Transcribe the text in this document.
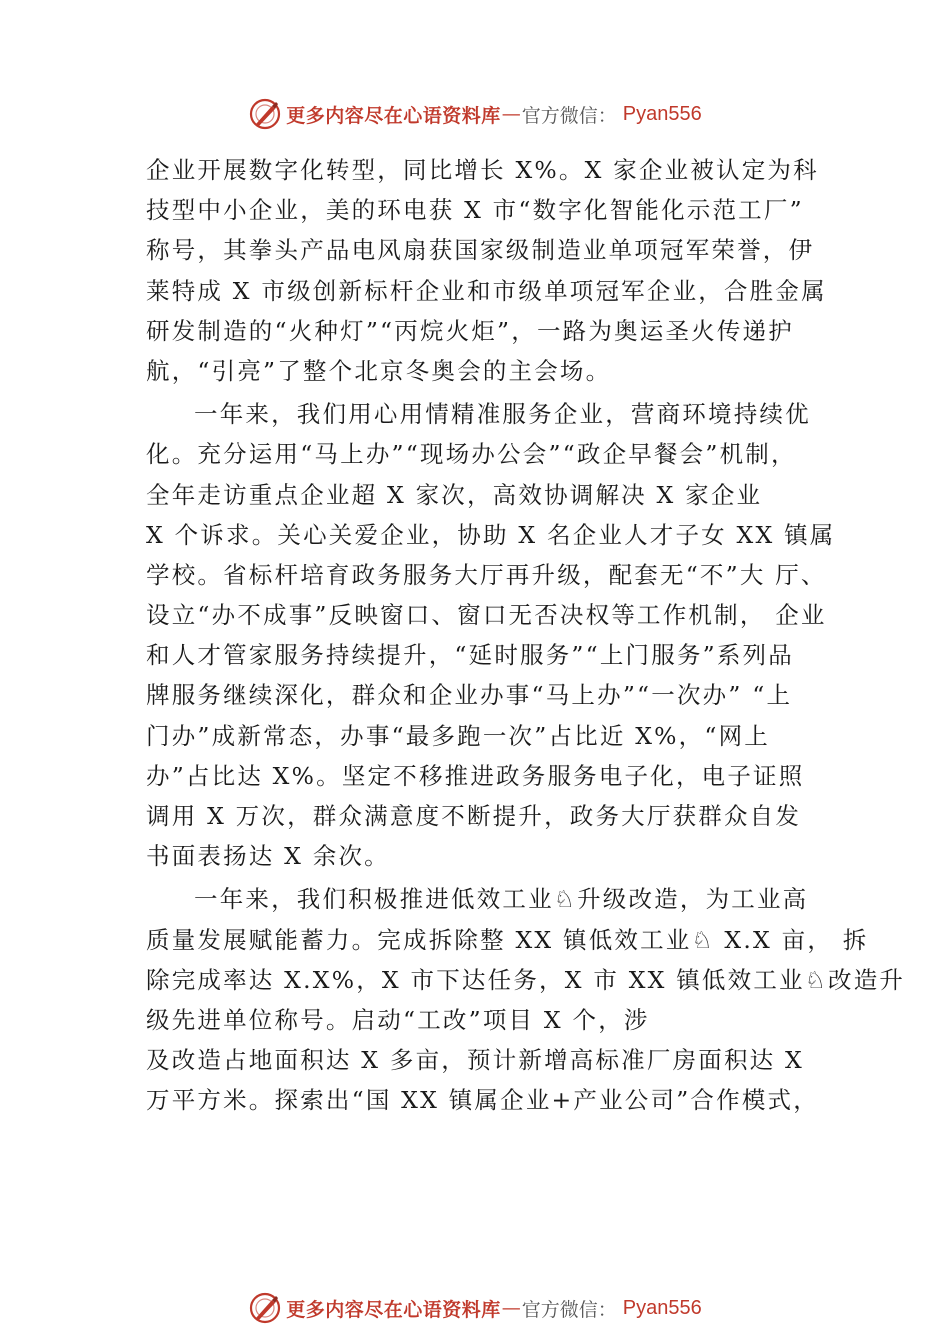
更多内容尽在心语资料库 — 官方微信： Pyan556
企业开展数字化转型，同比增长 X%。X 家企业被认定为科
技型中小企业，美的环电获 X 市“数字化智能化示范工厂”
称号，其拳头产品电风扇获国家级制造业单项冠军荣誉，伊
莱特成 X 市级创新标杆企业和市级单项冠军企业，合胜金属
研发制造的“火种灯”“丙烷火炬”，一路为奥运圣火传递护
航，“引亮”了整个北京冬奥会的主会场。
一年来，我们用心用情精准服务企业，营商环境持续优
化。充分运用“马上办”“现场办公会”“政企早餐会”机制，
全年走访重点企业超 X 家次，高效协调解决 X 家企业
X 个诉求。关心关爱企业，协助 X 名企业人才子女 XX 镇属
学校。省标杆培育政务服务大厅再升级，配套无“不”大 厅、
设立“办不成事”反映窗口、窗口无否决权等工作机制， 企业
和人才管家服务持续提升，“延时服务”“上门服务”系列品
牌服务继续深化，群众和企业办事“马上办”“一次办” “上
门办”成新常态，办事“最多跑一次”占比近 X%，“网上
办”占比达 X%。坚定不移推进政务服务电子化，电子证照
调用 X 万次，群众满意度不断提升，政务大厅获群众自发
书面表扬达 X 余次。
一年来，我们积极推进低效工业♘升级改造，为工业高
质量发展赋能蓄力。完成拆除整 XX 镇低效工业♘ X.X 亩， 拆
除完成率达 X.X%，X 市下达任务，X 市 XX 镇低效工业♘改造升
级先进单位称号。启动“工改”项目 X 个，涉
及改造占地面积达 X 多亩，预计新增高标准厂房面积达 X
万平方米。探索出“国 XX 镇属企业+产业公司”合作模式，
更多内容尽在心语资料库 — 官方微信： Pyan556
